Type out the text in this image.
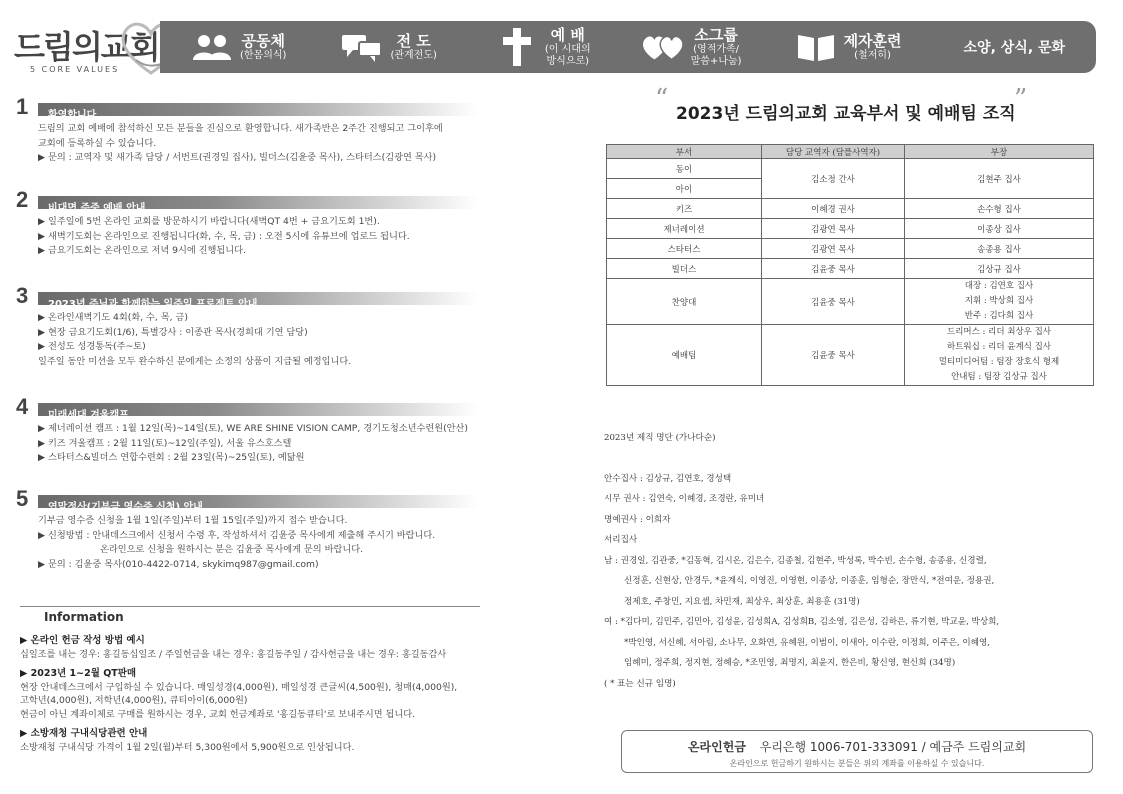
드림의교회
5 CORE VALUES
공동체
(한몸의식)
전 도
(관계전도)
예 배
(이 시대의
방식으로)
소그룹
(영적가족/
말씀+나눔)
제자훈련
(철저히)	소양, 상식, 문화
1	환영합니다
드림의 교회 예배에 참석하신 모든 분들을 진심으로 환영합니다. 새가족반은 2주간 진행되고 그이후에
교회에 등록하실 수 있습니다.
▶ 문의 : 교역자 및 새가족 담당 / 서번트(권경일 집사), 빌더스(김윤중 목사), 스타터스(김광연 목사)
2	비대면 주중 예배 안내
▶ 일주일에 5번 온라인 교회를 방문하시기 바랍니다(새벽QT 4번 + 금요기도회 1번).
▶ 새벽기도회는 온라인으로 진행됩니다(화, 수, 목, 금) : 오전 5시에 유튜브에 업로드 됩니다.
▶ 금요기도회는 온라인으로 저녁 9시에 진행됩니다.
3	2023년 주님과 함께하는 일주일 프로젝트 안내
▶ 온라인새벽기도 4회(화, 수, 목, 금)
▶ 현장 금요기도회(1/6), 특별강사 : 이종관 목사(경희대 기연 담당)
▶ 전성도 성경통독(주~토)
일주일 동안 미션을 모두 완수하신 분에게는 소정의 상품이 지급될 예정입니다.
4	미래세대 겨울캠프
▶ 제너레이션 캠프 : 1월 12일(목)~14일(토), WE ARE SHINE VISION CAMP, 경기도청소년수련원(안산)
▶ 키즈 겨울캠프 : 2월 11일(토)~12일(주일), 서울 유스호스텔
▶ 스타터스&빌더스 연합수련회 : 2월 23일(목)~25일(토), 예닮원
5	연말정산(기부금 영수증 신청) 안내
기부금 영수증 신청을 1월 1일(주일)부터 1월 15일(주일)까지 접수 받습니다.
▶ 신청방법 : 안내데스크에서 신청서 수령 후, 작성하셔서 김윤중 목사에게 제출해 주시기 바랍니다.
온라인으로 신청을 원하시는 분은 김윤중 목사에게 문의 바랍니다.
▶ 문의 : 김윤중 목사(010-4422-0714, skykimq987@gmail.com)
Information
▶ 온라인 헌금 작성 방법 예시
십일조를 내는 경우: 홍길동십일조 / 주일헌금을 내는 경우: 홍길동주일 / 감사헌금을 내는 경우: 홍길동감사
▶ 2023년 1~2월 QT판매
현장 안내데스크에서 구입하실 수 있습니다. 매일성경(4,000원), 매일성경 큰글씨(4,500원), 청매(4,000원),
고학년(4,000원), 저학년(4,000원), 큐티아이(6,000원)
현금이 아닌 계좌이체로 구매를 원하시는 경우, 교회 헌금계좌로 '홍길동큐티'로 보내주시면 됩니다.
▶ 소방재청 구내식당관련 안내
소방재청 구내식당 가격이 1월 2일(월)부터 5,300원에서 5,900원으로 인상됩니다.
“ 2023년 드림의교회 교육부서 및 예배팀 조직
”
부서	담당 교역자 (담플사역자)	부장
동이	김소정 간사	김현주 집사
아이		
키즈	이혜경 권사	손수형 집사
제너레이션	김광연 목사	이종상 집사
스타터스	김광연 목사	송종용 집사
빌더스	김윤중 목사	김상규 집사
찬양대	김윤중 목사	대장 : 김연호 집사
지휘 : 박상희 집사
반주 : 김다희 집사

예배팀	김윤중 목사	드리머스 : 리더 최상우 집사
하트워십 : 리더 윤계식 집사
멀티미디어팀 : 팀장 장호식 형제
안내팀 : 팀장 김상규 집사
2023년 제직 명단 (가나다순)
안수집사 : 김상규, 김연호, 경성택
시무 권사 : 김연숙, 이혜경, 조경란, 유미녀
명예권사 : 이희자
서리집사
남 : 권경일, 김관중, *김동혁, 김시온, 김은수, 김종철, 김현주, 박성록, 박수빈, 손수형, 송종용, 신경렬,
신정훈, 신현상, 안경두, *윤계식, 이영진, 이영현, 이종상, 이종훈, 임형순, 장만식, *전여운, 정용권,
정제호, 주창민, 지요셉, 차민재, 최상우, 최상훈, 최용훈 (31명)
여 : *김다미, 김민주, 김민아, 김성윤, 김성희A, 김성희B, 김소영, 김은성, 김하은, 류기현, 박교윤, 박상희,
*박인영, 서신혜, 서아림, 소나무, 오화연, 유혜원, 이범이, 이새아, 이수란, 이정희, 이주은, 이혜영,
임혜미, 정주희, 정지현, 정혜승, *조민영, 최명지, 최윤지, 한은비, 황신영, 현신희 (34명)
( * 표는 신규 임명)
온라인헌금 우리은행 1006-701-333091 / 예금주 드림의교회
온라인으로 헌금하기 원하시는 분들은 위의 계좌를 이용하실 수 있습니다.
